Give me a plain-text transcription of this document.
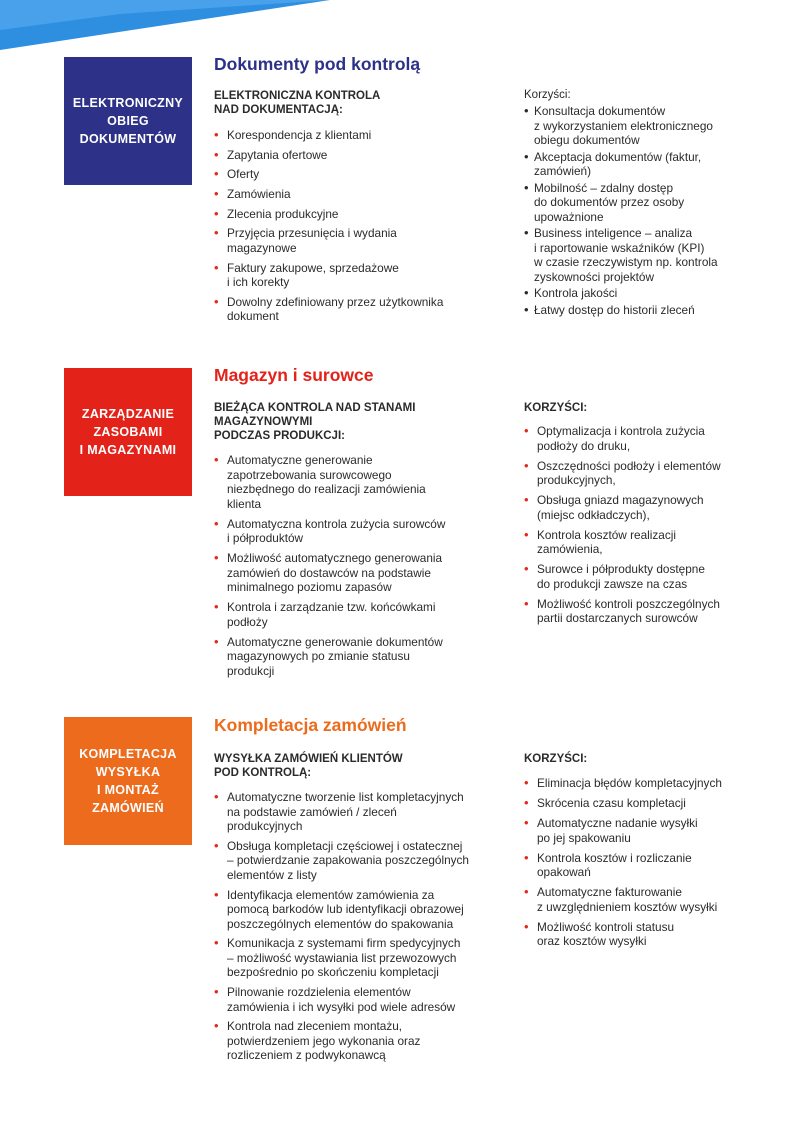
ELEKTRONICZNY
OBIEG
DOKUMENTÓW
Dokumenty pod kontrolą
ELEKTRONICZNA KONTROLA
NAD DOKUMENTACJĄ:
• Korespondencja z klientami
• Zapytania ofertowe
• Oferty
• Zamówienia
• Zlecenia produkcyjne
• Przyjęcia przesunięcia i wydania
magazynowe
• Faktury zakupowe, sprzedażowe
i ich korekty
• Dowolny zdefiniowany przez użytkownika
dokument
Korzyści:
• Konsultacja dokumentów
z wykorzystaniem elektronicznego
obiegu dokumentów
• Akceptacja dokumentów (faktur,
zamówień)
• Mobilność – zdalny dostęp
do dokumentów przez osoby
upoważnione
• Business inteligence – analiza
i raportowanie wskaźników (KPI)
w czasie rzeczywistym np. kontrola
zyskowności projektów
• Kontrola jakości
• Łatwy dostęp do historii zleceń
ZARZĄDZANIE
ZASOBAMI
I MAGAZYNAMI
Magazyn i surowce
BIEŻĄCA KONTROLA NAD STANAMI
MAGAZYNOWYMI
PODCZAS PRODUKCJI:
• Automatyczne generowanie
zapotrzebowania surowcowego
niezbędnego do realizacji zamówienia
klienta
• Automatyczna kontrola zużycia surowców
i półproduktów
• Możliwość automatycznego generowania
zamówień do dostawców na podstawie
minimalnego poziomu zapasów
• Kontrola i zarządzanie tzw. końcówkami
podłoży
• Automatyczne generowanie dokumentów
magazynowych po zmianie statusu
produkcji
KORZYŚCI:
• Optymalizacja i kontrola zużycia
podłoży do druku,
• Oszczędności podłoży i elementów
produkcyjnych,
• Obsługa gniazd magazynowych
(miejsc odkładczych),
• Kontrola kosztów realizacji
zamówienia,
• Surowce i półprodukty dostępne
do produkcji zawsze na czas
• Możliwość kontroli poszczególnych
partii dostarczanych surowców
KOMPLETACJA
WYSYŁKA
I MONTAŻ
ZAMÓWIEŃ
Kompletacja zamówień
WYSYŁKA ZAMÓWIEŃ KLIENTÓW
POD KONTROLĄ:
• Automatyczne tworzenie list kompletacyjnych
na podstawie zamówień / zleceń
produkcyjnych
• Obsługa kompletacji częściowej i ostatecznej
– potwierdzanie zapakowania poszczególnych
elementów z listy
• Identyfikacja elementów zamówienia za
pomocą barkodów lub identyfikacji obrazowej
poszczególnych elementów do spakowania
• Komunikacja z systemami firm spedycyjnych
– możliwość wystawiania list przewozowych
bezpośrednio po skończeniu kompletacji
• Pilnowanie rozdzielenia elementów
zamówienia i ich wysyłki pod wiele adresów
• Kontrola nad zleceniem montażu,
potwierdzeniem jego wykonania oraz
rozliczeniem z podwykonawcą
KORZYŚCI:
• Eliminacja błędów kompletacyjnych
• Skrócenia czasu kompletacji
• Automatyczne nadanie wysyłki
po jej spakowaniu
• Kontrola kosztów i rozliczanie
opakowań
• Automatyczne fakturowanie
z uwzględnieniem kosztów wysyłki
• Możliwość kontroli statusu
oraz kosztów wysyłki
